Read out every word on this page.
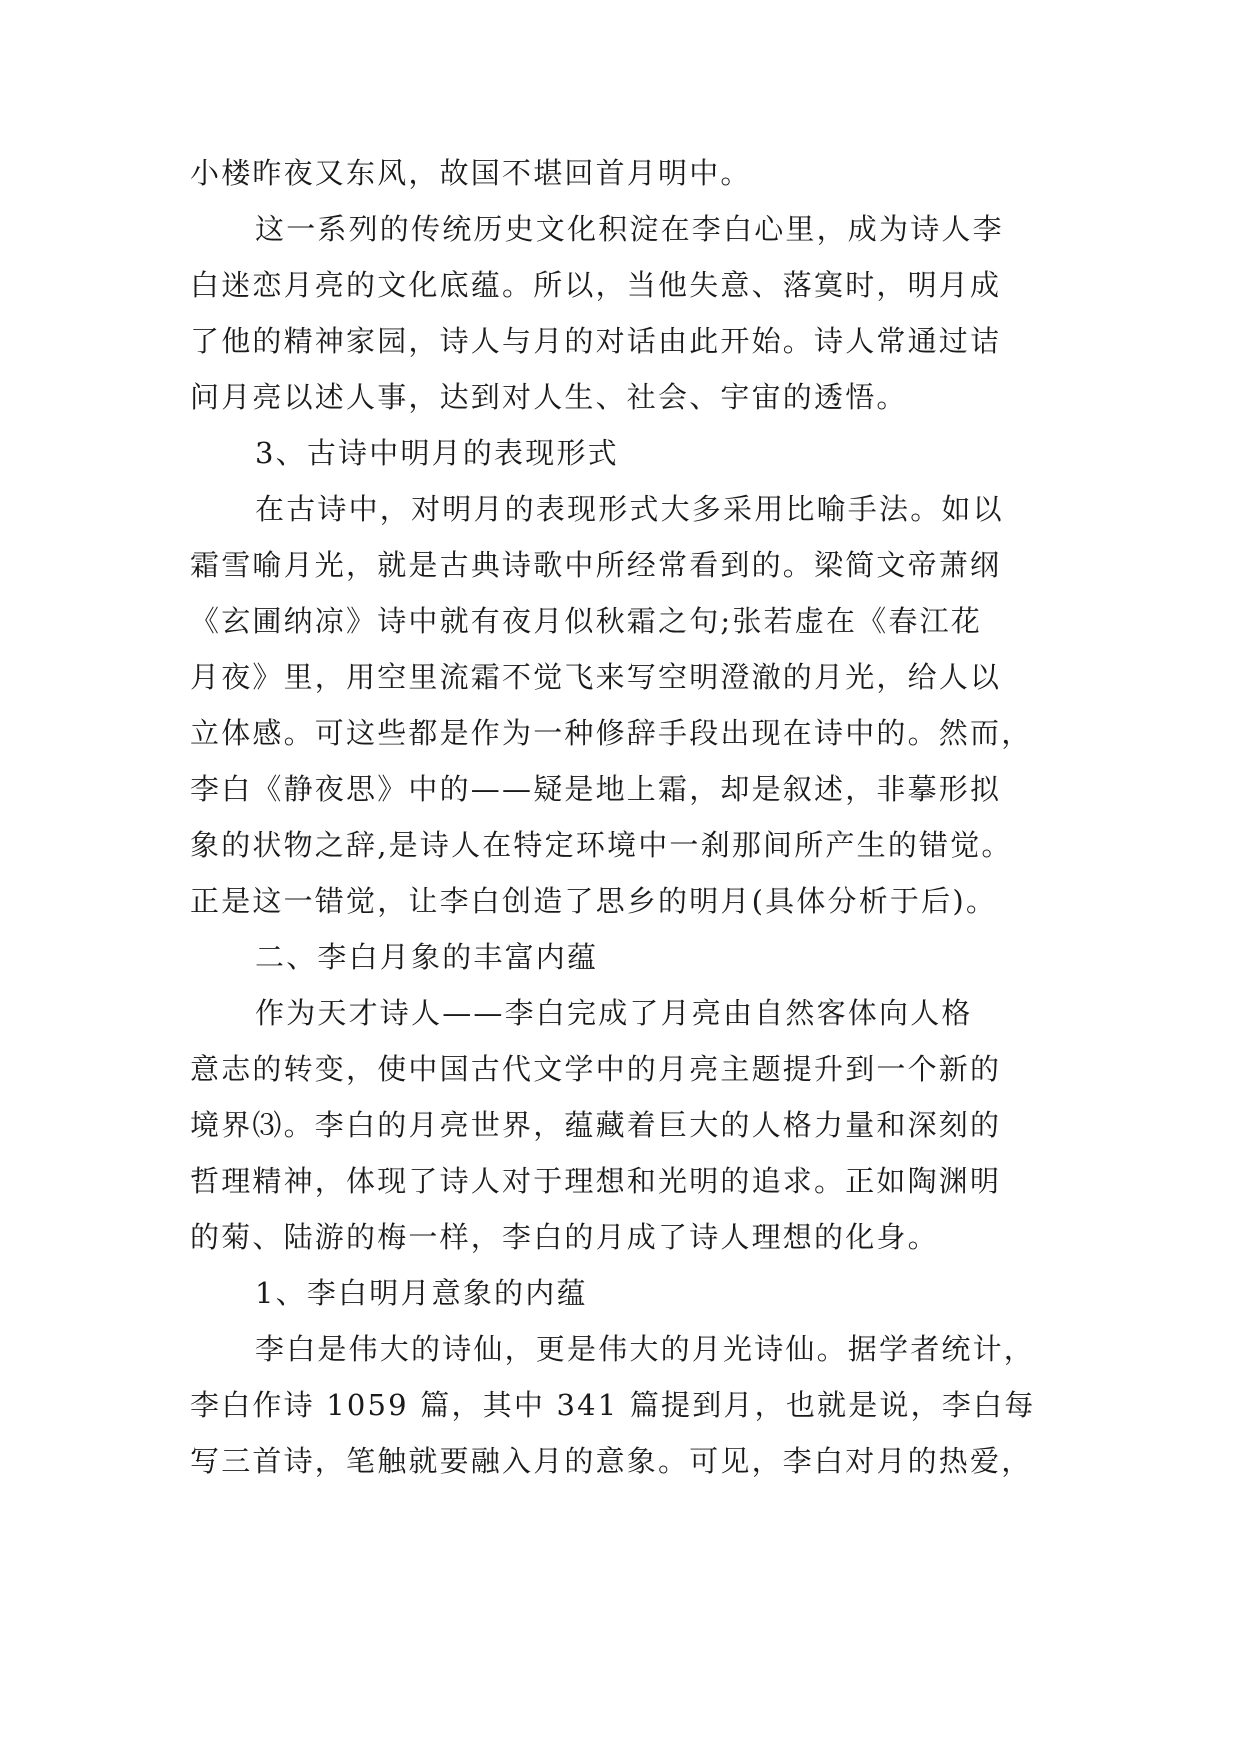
小楼昨夜又东风，故国不堪回首月明中。
这一系列的传统历史文化积淀在李白心里，成为诗人李
白迷恋月亮的文化底蕴。所以，当他失意、落寞时，明月成
了他的精神家园，诗人与月的对话由此开始。诗人常通过诘
问月亮以述人事，达到对人生、社会、宇宙的透悟。
3、古诗中明月的表现形式
在古诗中，对明月的表现形式大多采用比喻手法。如以
霜雪喻月光，就是古典诗歌中所经常看到的。梁简文帝萧纲
《玄圃纳凉》诗中就有夜月似秋霜之句;张若虚在《春江花
月夜》里，用空里流霜不觉飞来写空明澄澈的月光，给人以
立体感。可这些都是作为一种修辞手段出现在诗中的。然而，
李白《静夜思》中的——疑是地上霜，却是叙述，非摹形拟
象的状物之辞,是诗人在特定环境中一刹那间所产生的错觉。
正是这一错觉，让李白创造了思乡的明月(具体分析于后)。
二、李白月象的丰富内蕴
作为天才诗人——李白完成了月亮由自然客体向人格
意志的转变，使中国古代文学中的月亮主题提升到一个新的
境界⑶。李白的月亮世界，蕴藏着巨大的人格力量和深刻的
哲理精神，体现了诗人对于理想和光明的追求。正如陶渊明
的菊、陆游的梅一样，李白的月成了诗人理想的化身。
1、李白明月意象的内蕴
李白是伟大的诗仙，更是伟大的月光诗仙。据学者统计，
李白作诗 1059 篇，其中 341 篇提到月，也就是说，李白每
写三首诗，笔触就要融入月的意象。可见，李白对月的热爱，
